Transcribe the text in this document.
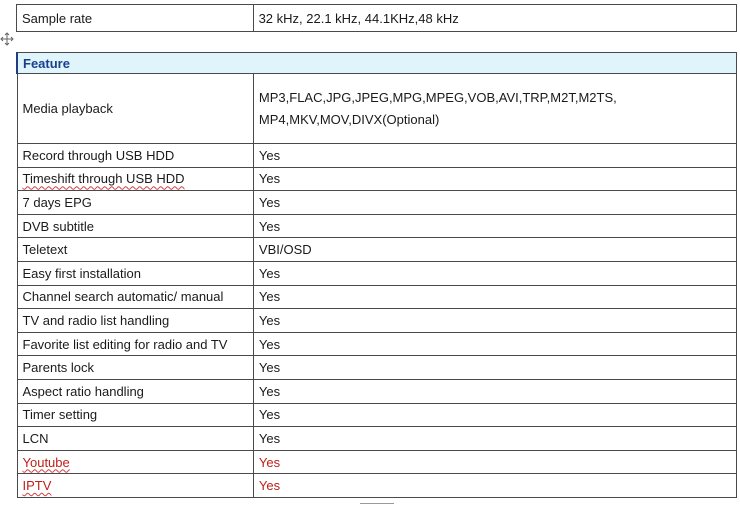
Sample rate	32 kHz, 22.1 kHz, 44.1KHz,48 kHz
Feature	
Media playback	MP3,FLAC,JPG,JPEG,MPG,MPEG,VOB,AVI,TRP,M2T,M2TS, MP4,MKV,MOV,DIVX(Optional)
Record through USB HDD	Yes
Timeshift through USB HDD	Yes
7 days EPG	Yes
DVB subtitle	Yes
Teletext	VBI/OSD
Easy first installation	Yes
Channel search automatic/ manual	Yes
TV and radio list handling	Yes
Favorite list editing for radio and TV	Yes
Parents lock	Yes
Aspect ratio handling	Yes
Timer setting	Yes
LCN	Yes
Youtube	Yes
IPTV	Yes
